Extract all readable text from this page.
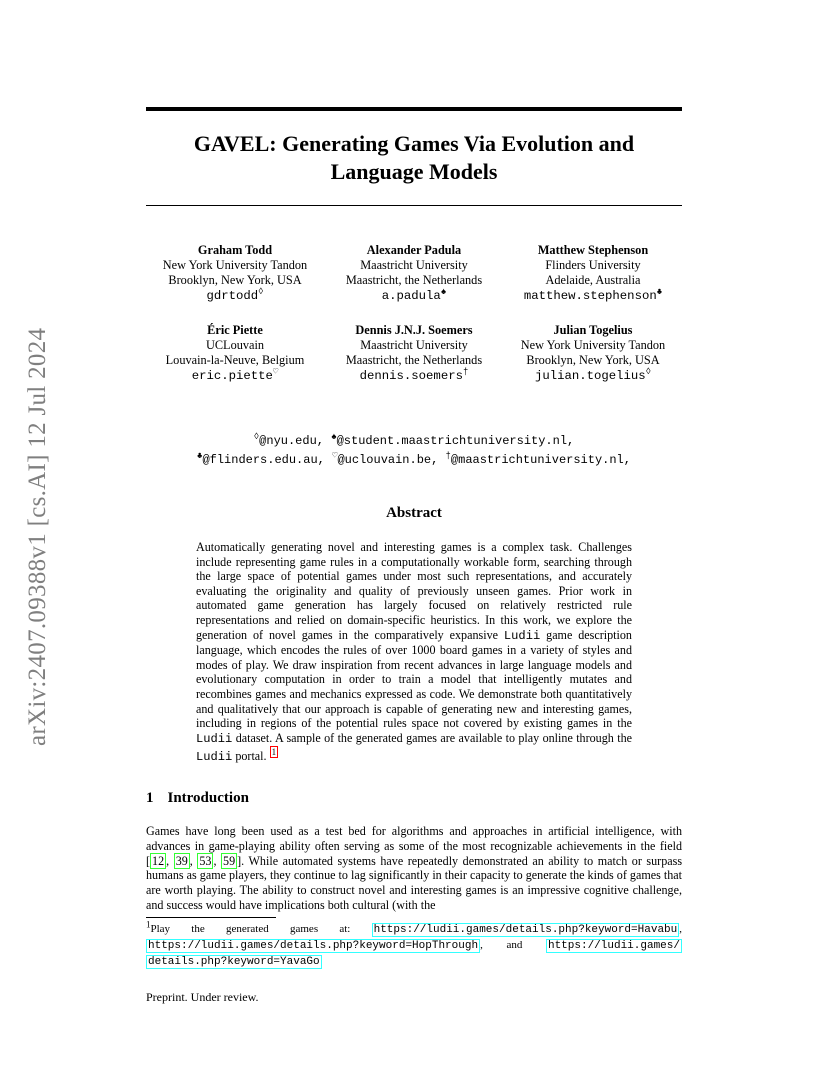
arXiv:2407.09388v1 [cs.AI] 12 Jul 2024
GAVEL: Generating Games Via Evolution and
Language Models
Graham Todd
New York University Tandon
Brooklyn, New York, USA
gdrtodd◊
Alexander Padula
Maastricht University
Maastricht, the Netherlands
a.padula♠
Matthew Stephenson
Flinders University
Adelaide, Australia
matthew.stephenson♣
Éric Piette
UCLouvain
Louvain-la-Neuve, Belgium
eric.piette♡
Dennis J.N.J. Soemers
Maastricht University
Maastricht, the Netherlands
dennis.soemers†
Julian Togelius
New York University Tandon
Brooklyn, New York, USA
julian.togelius◊
◊@nyu.edu, ♠@student.maastrichtuniversity.nl,
♣@flinders.edu.au, ♡@uclouvain.be, †@maastrichtuniversity.nl,
Abstract
Automatically generating novel and interesting games is a complex task. Challenges include representing game rules in a computationally workable form, searching through the large space of potential games under most such representations, and accurately evaluating the originality and quality of previously unseen games. Prior work in automated game generation has largely focused on relatively restricted rule representations and relied on domain-specific heuristics. In this work, we explore the generation of novel games in the comparatively expansive Ludii game description language, which encodes the rules of over 1000 board games in a variety of styles and modes of play. We draw inspiration from recent advances in large language models and evolutionary computation in order to train a model that intelligently mutates and recombines games and mechanics expressed as code. We demonstrate both quantitatively and qualitatively that our approach is capable of generating new and interesting games, including in regions of the potential rules space not covered by existing games in the Ludii dataset. A sample of the generated games are available to play online through the Ludii portal. 1
1 Introduction
Games have long been used as a test bed for algorithms and approaches in artificial intelligence, with advances in game-playing ability often serving as some of the most recognizable achievements in the field [ 12 , 39 , 53 , 59 ]. While automated systems have repeatedly demonstrated an ability to match or surpass humans as game players, they continue to lag significantly in their capacity to generate the kinds of games that are worth playing. The ability to construct novel and interesting games is an impressive cognitive challenge, and success would have implications both cultural (with the
$^1$Play the generated games at: https://ludii.games/details.php?keyword=Havabu , https://ludii.games/details.php?keyword=HopThrough , and https://ludii.games/ details.php?keyword=YavaGo
Preprint. Under review.
